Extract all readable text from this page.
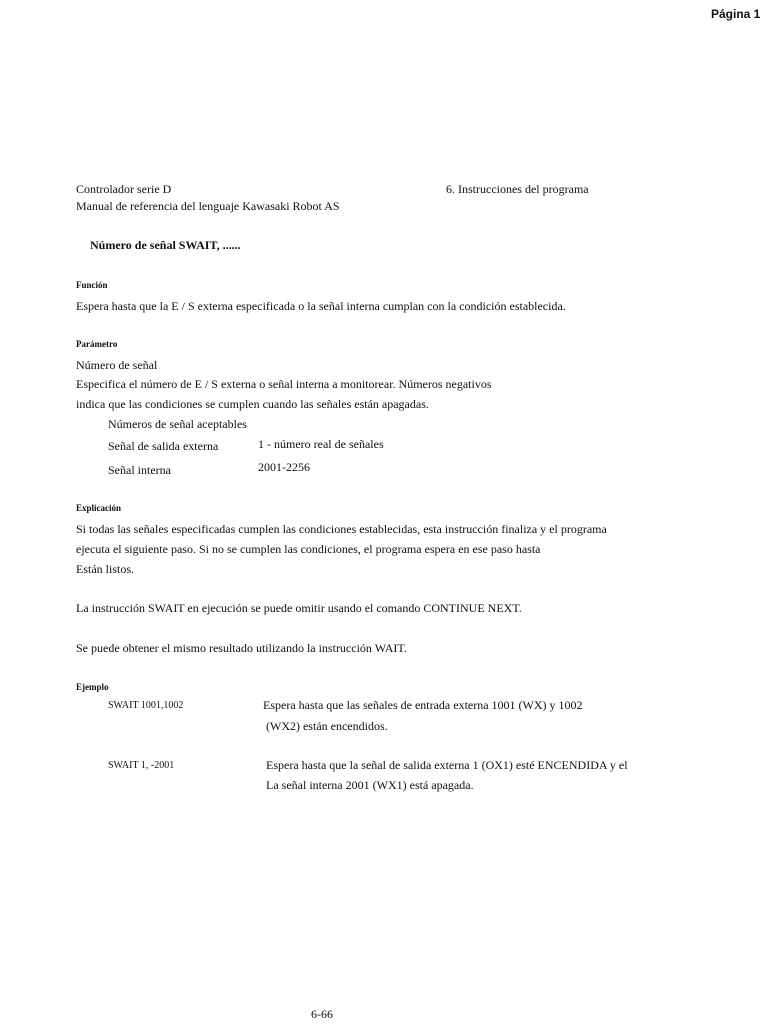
Página 1
Controlador serie D
Manual de referencia del lenguaje Kawasaki Robot AS
6. Instrucciones del programa
Número de señal SWAIT, ......
Función
Espera hasta que la E / S externa especificada o la señal interna cumplan con la condición establecida.
Parámetro
Número de señal
Especifica el número de E / S externa o señal interna a monitorear. Números negativos
indica que las condiciones se cumplen cuando las señales están apagadas.
Números de señal aceptables
Señal de salida externa	1 - número real de señales
Señal interna	2001-2256
Explicación
Si todas las señales especificadas cumplen las condiciones establecidas, esta instrucción finaliza y el programa
ejecuta el siguiente paso. Si no se cumplen las condiciones, el programa espera en ese paso hasta
Están listos.
La instrucción SWAIT en ejecución se puede omitir usando el comando CONTINUE NEXT.
Se puede obtener el mismo resultado utilizando la instrucción WAIT.
Ejemplo
SWAIT 1001,1002	Espera hasta que las señales de entrada externa 1001 (WX) y 1002
(WX2) están encendidos.
SWAIT 1, -2001	Espera hasta que la señal de salida externa 1 (OX1) esté ENCENDIDA y el
La señal interna 2001 (WX1) está apagada.
6-66
